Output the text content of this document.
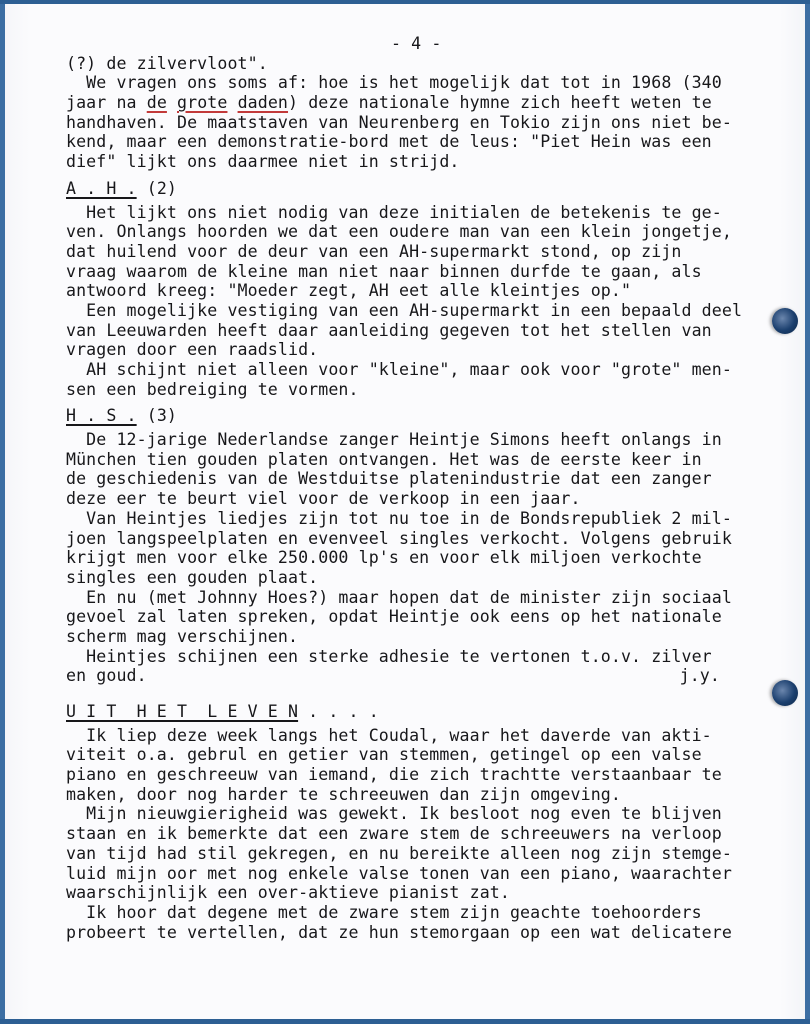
- 4 -
(?) de zilvervloot".
We vragen ons soms af: hoe is het mogelijk dat tot in 1968 (340
jaar na de grote daden) deze nationale hymne zich heeft weten te
handhaven. De maatstaven van Neurenberg en Tokio zijn ons niet be-
kend, maar een demonstratie-bord met de leus: "Piet Hein was een
dief" lijkt ons daarmee niet in strijd.
A . H . (2)
Het lijkt ons niet nodig van deze initialen de betekenis te ge-
ven. Onlangs hoorden we dat een oudere man van een klein jongetje,
dat huilend voor de deur van een AH-supermarkt stond, op zijn
vraag waarom de kleine man niet naar binnen durfde te gaan, als
antwoord kreeg: "Moeder zegt, AH eet alle kleintjes op."
Een mogelijke vestiging van een AH-supermarkt in een bepaald deel
van Leeuwarden heeft daar aanleiding gegeven tot het stellen van
vragen door een raadslid.
AH schijnt niet alleen voor "kleine", maar ook voor "grote" men-
sen een bedreiging te vormen.
H . S . (3)
De 12-jarige Nederlandse zanger Heintje Simons heeft onlangs in
München tien gouden platen ontvangen. Het was de eerste keer in
de geschiedenis van de Westduitse platenindustrie dat een zanger
deze eer te beurt viel voor de verkoop in een jaar.
Van Heintjes liedjes zijn tot nu toe in de Bondsrepubliek 2 mil-
joen langspeelplaten en evenveel singles verkocht. Volgens gebruik
krijgt men voor elke 250.000 lp's en voor elk miljoen verkochte
singles een gouden plaat.
En nu (met Johnny Hoes?) maar hopen dat de minister zijn sociaal
gevoel zal laten spreken, opdat Heintje ook eens op het nationale
scherm mag verschijnen.
Heintjes schijnen een sterke adhesie te vertonen t.o.v. zilver
en goud.	j.y.
U I T  H E T  L E V E N . . . .
Ik liep deze week langs het Coudal, waar het daverde van akti-
viteit o.a. gebrul en getier van stemmen, getingel op een valse
piano en geschreeuw van iemand, die zich trachtte verstaanbaar te
maken, door nog harder te schreeuwen dan zijn omgeving.
Mijn nieuwgierigheid was gewekt. Ik besloot nog even te blijven
staan en ik bemerkte dat een zware stem de schreeuwers na verloop
van tijd had stil gekregen, en nu bereikte alleen nog zijn stemge-
luid mijn oor met nog enkele valse tonen van een piano, waarachter
waarschijnlijk een over-aktieve pianist zat.
Ik hoor dat degene met de zware stem zijn geachte toehoorders
probeert te vertellen, dat ze hun stemorgaan op een wat delicatere
